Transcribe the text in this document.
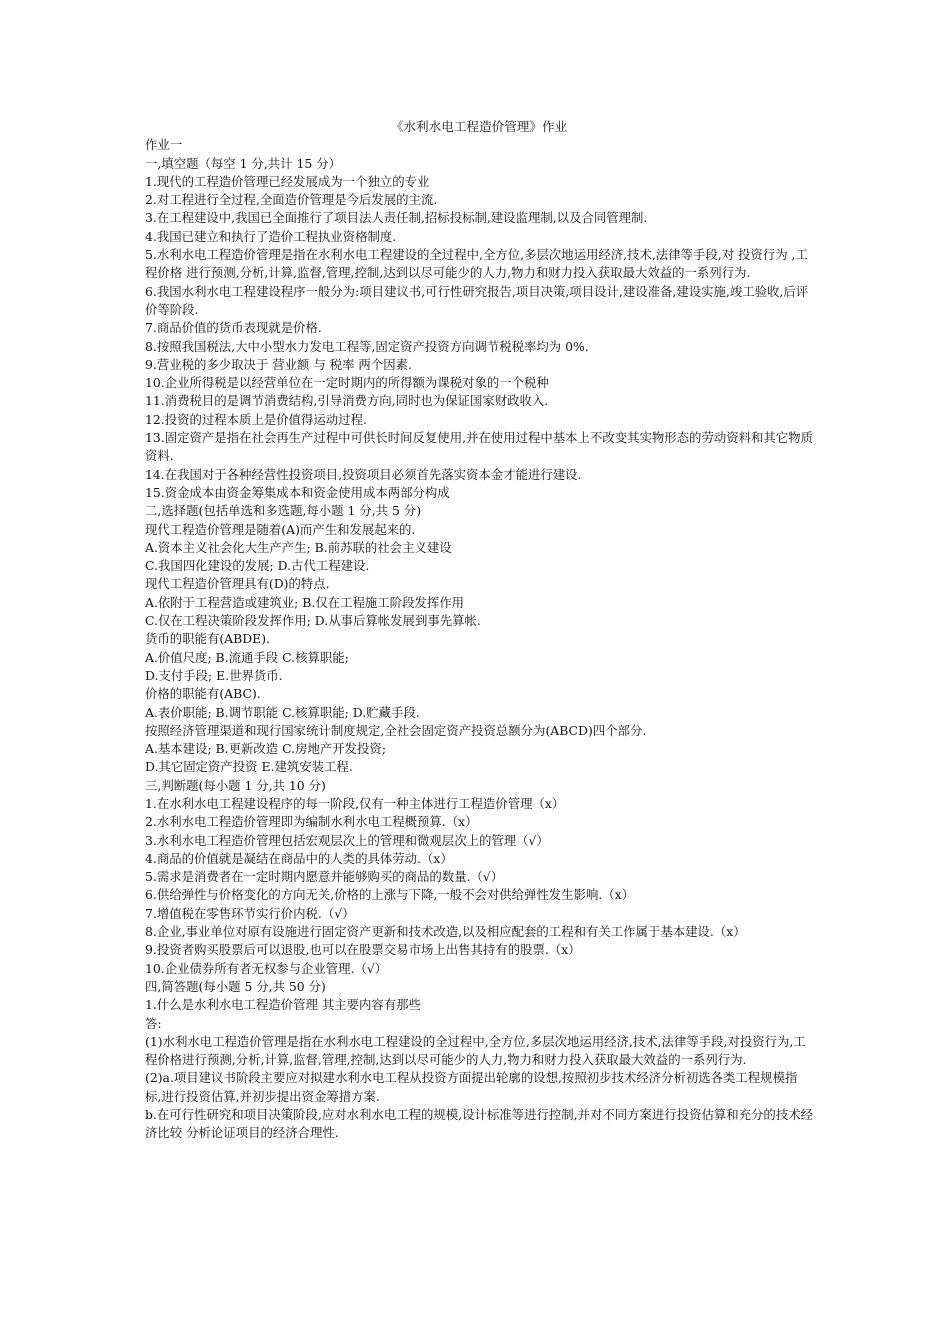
《水利水电工程造价管理》作业
作业一
一,填空题（每空 1 分,共计 15 分）
1.现代的工程造价管理已经发展成为一个独立的专业
2.对工程进行全过程,全面造价管理是今后发展的主流.
3.在工程建设中,我国已全面推行了项目法人责任制,招标投标制,建设监理制,以及合同管理制.
4.我国已建立和执行了造价工程执业资格制度.
5.水利水电工程造价管理是指在水利水电工程建设的全过程中,全方位,多层次地运用经济,技术,法律等手段,对 投资行为 ,工程价格 进行预测,分析,计算,监督,管理,控制,达到以尽可能少的人力,物力和财力投入获取最大效益的一系列行为.
6.我国水利水电工程建设程序一般分为:项目建议书,可行性研究报告,项目决策,项目设计,建设准备,建设实施,竣工验收,后评价等阶段.
7.商品价值的货币表现就是价格.
8.按照我国税法,大中小型水力发电工程等,固定资产投资方向调节税税率均为 0%.
9.营业税的多少取决于 营业额 与 税率 两个因素.
10.企业所得税是以经营单位在一定时期内的所得额为课税对象的一个税种
11.消费税目的是调节消费结构,引导消费方向,同时也为保证国家财政收入.
12.投资的过程本质上是价值得运动过程.
13.固定资产是指在社会再生产过程中可供长时间反复使用,并在使用过程中基本上不改变其实物形态的劳动资料和其它物质资料.
14.在我国对于各种经营性投资项目,投资项目必须首先落实资本金才能进行建设.
15.资金成本由资金筹集成本和资金使用成本两部分构成
二,选择题(包括单选和多选题,每小题 1 分,共 5 分)
现代工程造价管理是随着(A)而产生和发展起来的.
A.资本主义社会化大生产产生; B.前苏联的社会主义建设
C.我国四化建设的发展; D.古代工程建设.
现代工程造价管理具有(D)的特点.
A.依附于工程营造或建筑业; B.仅在工程施工阶段发挥作用
C.仅在工程决策阶段发挥作用; D.从事后算帐发展到事先算帐.
货币的职能有(ABDE).
A.价值尺度; B.流通手段 C.核算职能;
D.支付手段; E.世界货币.
价格的职能有(ABC).
A.表价职能; B.调节职能 C.核算职能; D.贮藏手段.
按照经济管理渠道和现行国家统计制度规定,全社会固定资产投资总额分为(ABCD)四个部分.
A.基本建设; B.更新改造 C.房地产开发投资;
D.其它固定资产投资 E.建筑安装工程.
三,判断题(每小题 1 分,共 10 分)
1.在水利水电工程建设程序的每一阶段,仅有一种主体进行工程造价管理（x）
2.水利水电工程造价管理即为编制水利水电工程概预算.（x）
3.水利水电工程造价管理包括宏观层次上的管理和微观层次上的管理（√）
4.商品的价值就是凝结在商品中的人类的具体劳动.（x）
5.需求是消费者在一定时期内愿意并能够购买的商品的数量.（√）
6.供给弹性与价格变化的方向无关,价格的上涨与下降,一般不会对供给弹性发生影响.（x）
7.增值税在零售环节实行价内税.（√）
8.企业,事业单位对原有设施进行固定资产更新和技术改造,以及相应配套的工程和有关工作属于基本建设.（x）
9.投资者购买股票后可以退股,也可以在股票交易市场上出售其持有的股票.（x）
10.企业债券所有者无权参与企业管理.（√）
四,简答题(每小题 5 分,共 50 分)
1.什么是水利水电工程造价管理 其主要内容有那些
答:
(1)水利水电工程造价管理是指在水利水电工程建设的全过程中,全方位,多层次地运用经济,技术,法律等手段,对投资行为,工程价格进行预测,分析,计算,监督,管理,控制,达到以尽可能少的人力,物力和财力投入获取最大效益的一系列行为.
(2)a.项目建议书阶段主要应对拟建水利水电工程从投资方面提出轮廓的设想,按照初步技术经济分析初选各类工程规模指标,进行投资估算,并初步提出资金筹措方案.
b.在可行性研究和项目决策阶段,应对水利水电工程的规模,设计标准等进行控制,并对不同方案进行投资估算和充分的技术经济比较 分析论证项目的经济合理性.
